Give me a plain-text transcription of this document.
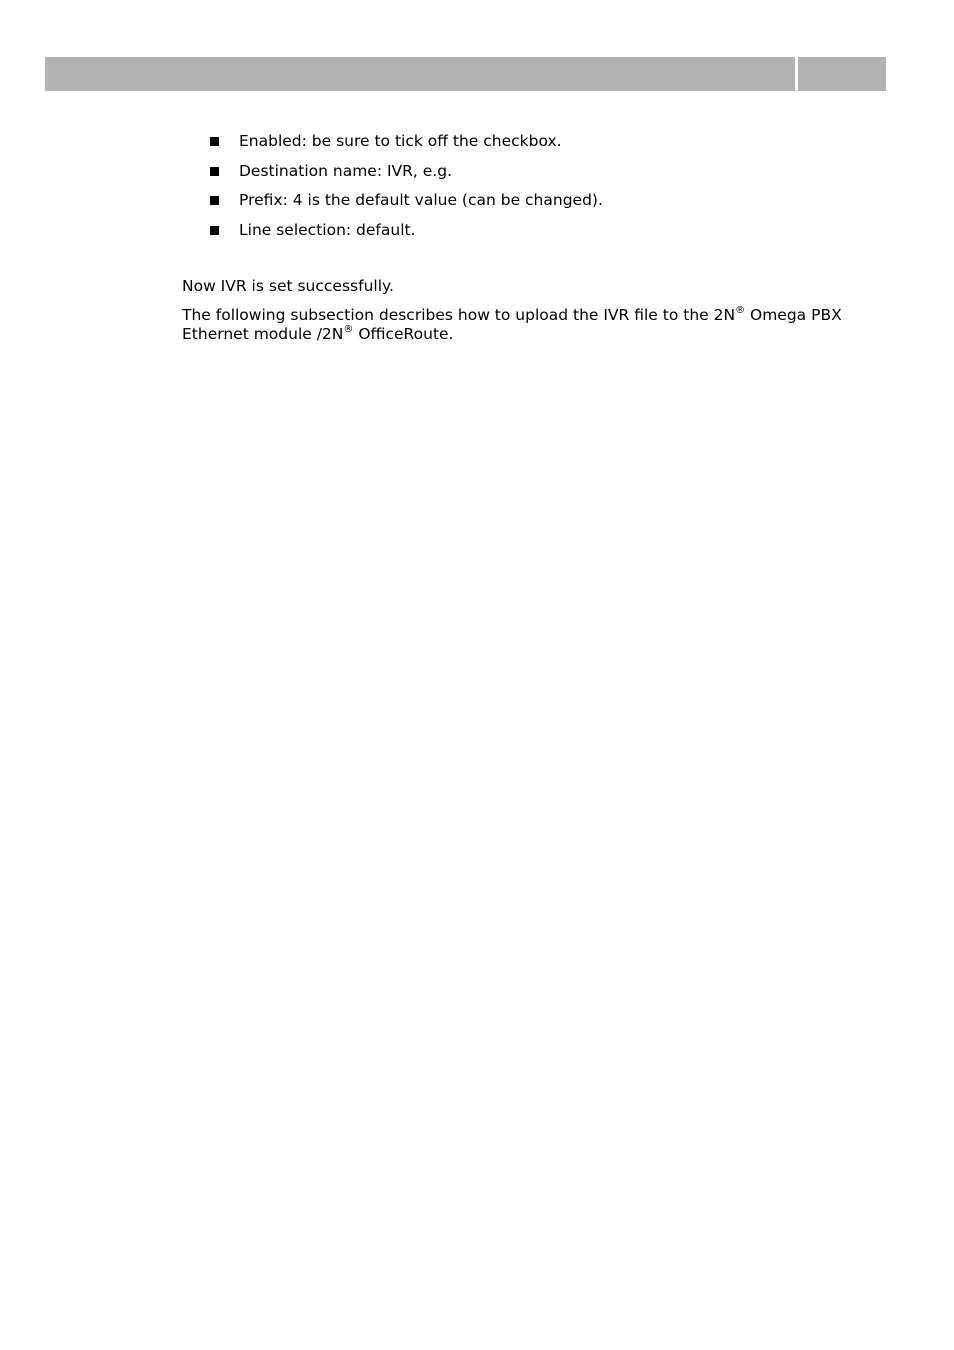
Enabled: be sure to tick off the checkbox.
Destination name: IVR, e.g.
Prefix: 4 is the default value (can be changed).
Line selection: default.

Now IVR is set successfully.

The following subsection describes how to upload the IVR file to the 2N® Omega PBX
Ethernet module /2N® OfficeRoute.
